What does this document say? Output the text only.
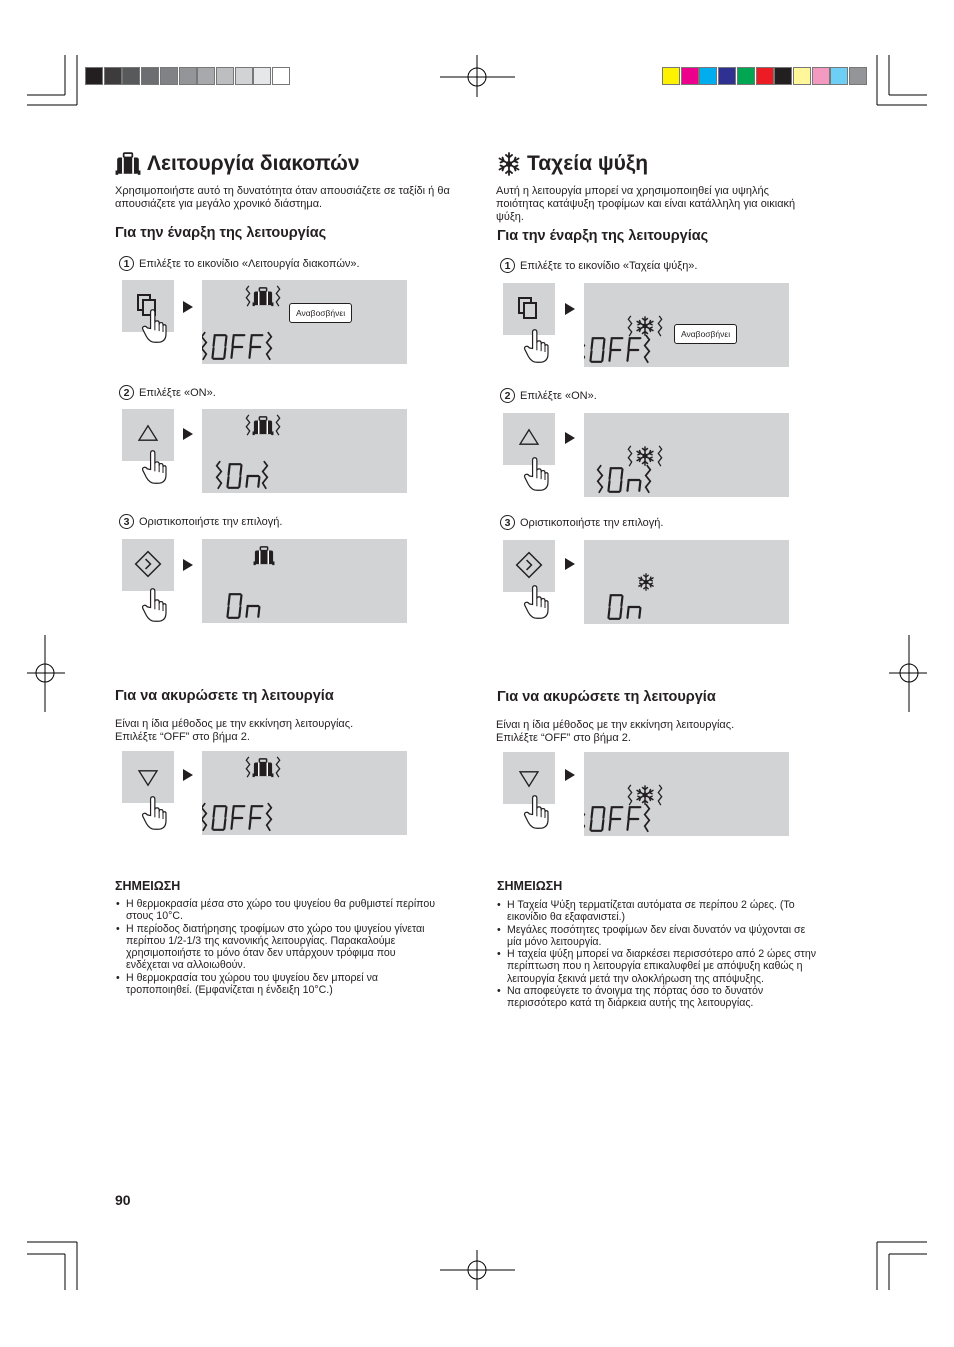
Λειτουργία διακοπών

Χρησιμοποιήστε αυτό τη δυνατότητα όταν απουσιάζετε σε ταξίδι ή θα απουσιάζετε για μεγάλο χρονικό διάστημα.

Για την έναρξη της λειτουργίας
1 Επιλέξτε το εικονίδιο «Λειτουργία διακοπών».
Αναβοσβήνει
2 Επιλέξτε «ON».
3 Οριστικοποιήστε την επιλογή.
Για να ακυρώσετε τη λειτουργία

Είναι η ίδια μέθοδος με την εκκίνηση λειτουργίας.

Επιλέξτε “OFF” στο βήμα 2.

ΣΗΜΕΙΩΣΗ
• Η θερμοκρασία μέσα στο χώρο του ψυγείου θα ρυθμιστεί περίπου
στους 10°C.
• Η περίοδος διατήρησης τροφίμων στο χώρο του ψυγείου γίνεται
περίπου 1/2-1/3 της κανονικής λειτουργίας. Παρακαλούμε
χρησιμοποιήστε το μόνο όταν δεν υπάρχουν τρόφιμα που
ενδέχεται να αλλοιωθούν.
• Η θερμοκρασία του χώρου του ψυγείου δεν μπορεί να
τροποποιηθεί. (Εμφανίζεται η ένδειξη 10°C.)
Ταχεία ψύξη

Αυτή η λειτουργία μπορεί να χρησιμοποιηθεί για υψηλής

ποιότητας κατάψυξη τροφίμων και είναι κατάλληλη για οικιακή

ψύξη.

Για την έναρξη της λειτουργίας
1 Επιλέξτε το εικονίδιο «Ταχεία ψύξη».
Αναβοσβήνει
2 Επιλέξτε «ON».
3 Οριστικοποιήστε την επιλογή.
Για να ακυρώσετε τη λειτουργία

Είναι η ίδια μέθοδος με την εκκίνηση λειτουργίας.

Επιλέξτε “OFF” στο βήμα 2.

ΣΗΜΕΙΩΣΗ
• Η Ταχεία Ψύξη τερματίζεται αυτόματα σε περίπου 2 ώρες. (Το
εικονίδιο θα εξαφανιστεί.)
• Μεγάλες ποσότητες τροφίμων δεν είναι δυνατόν να ψύχονται σε
μία μόνο λειτουργία.
• Η ταχεία ψύξη μπορεί να διαρκέσει περισσότερο από 2 ώρες στην
περίπτωση που η λειτουργία επικαλυφθεί με απόψυξη καθώς η
λειτουργία ξεκινά μετά την ολοκλήρωση της απόψυξης.
• Να αποφεύγετε το άνοιγμα της πόρτας όσο το δυνατόν
περισσότερο κατά τη διάρκεια αυτής της λειτουργίας.
90
